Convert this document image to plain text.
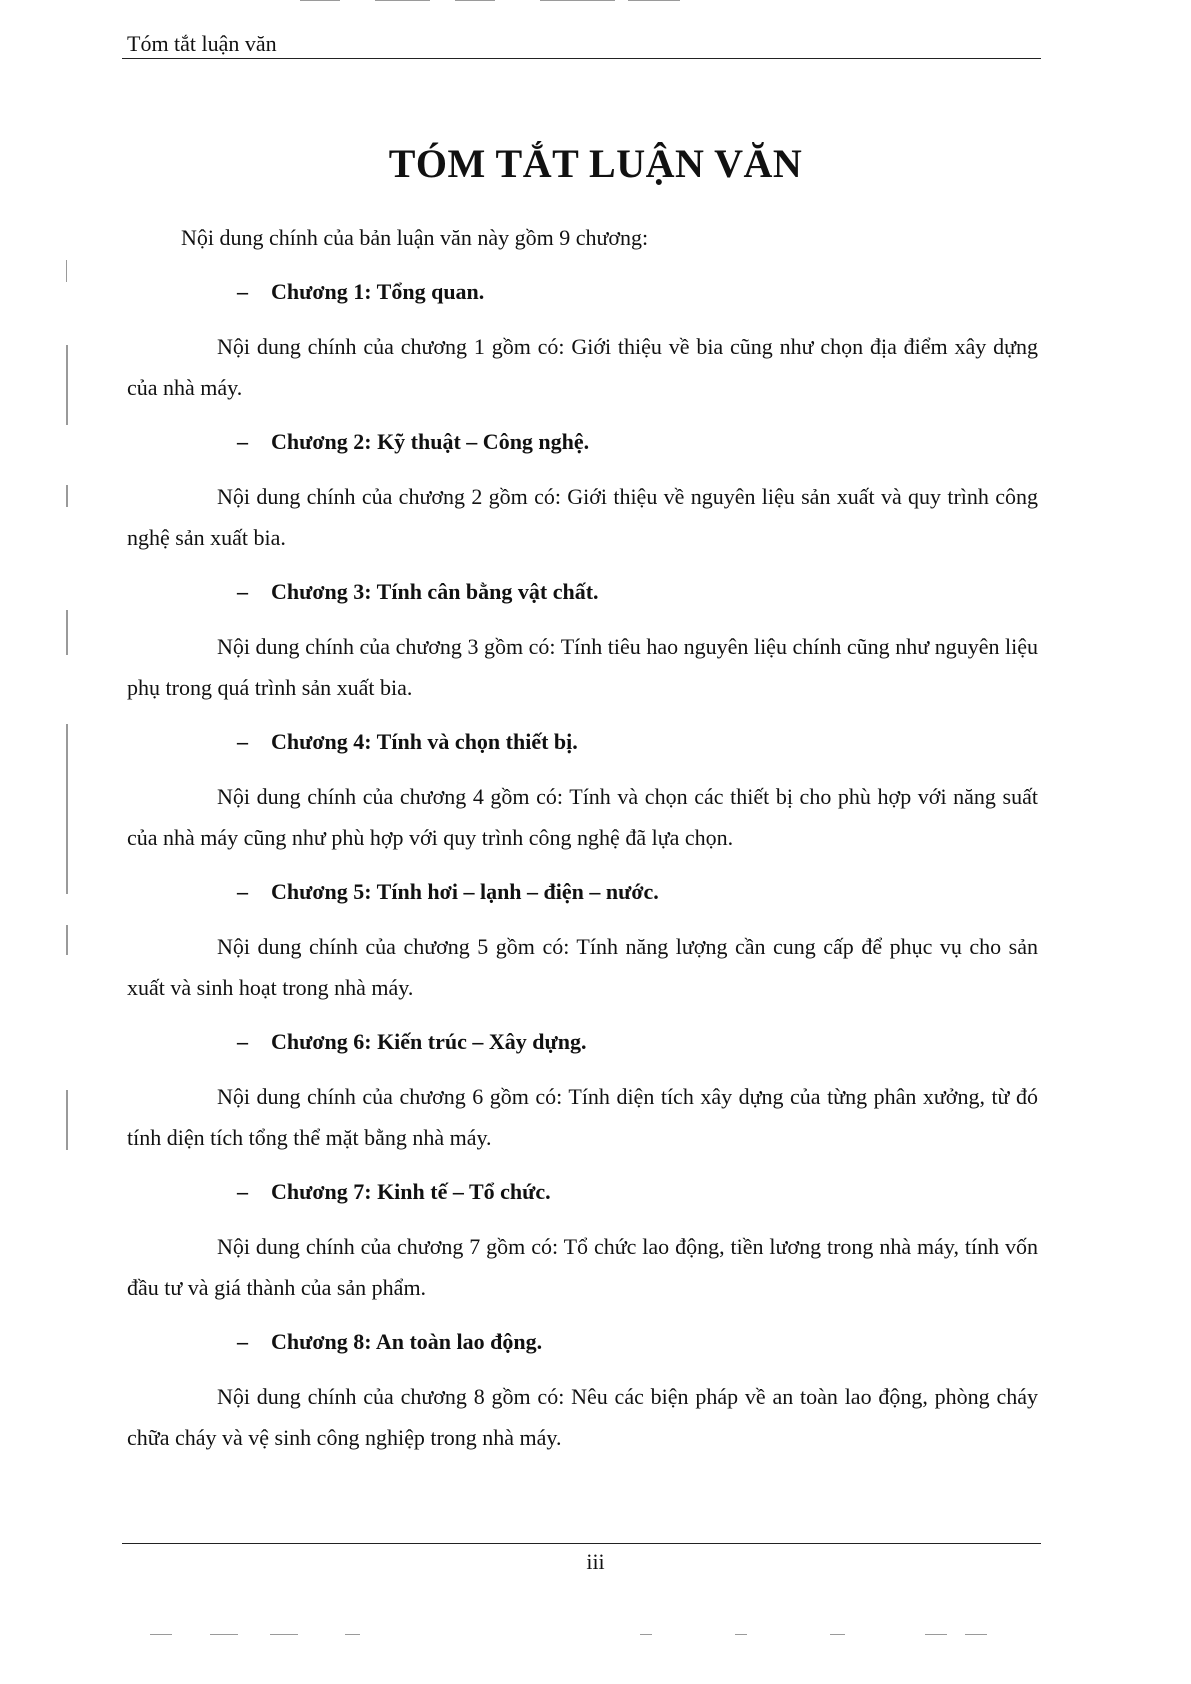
Tóm tắt luận văn
TÓM TẮT LUẬN VĂN

Nội dung chính của bản luận văn này gồm 9 chương:

– Chương 1: Tổng quan.

Nội dung chính của chương 1 gồm có: Giới thiệu về bia cũng như chọn địa điểm xây dựng của nhà máy.

– Chương 2: Kỹ thuật – Công nghệ.

Nội dung chính của chương 2 gồm có: Giới thiệu về nguyên liệu sản xuất và quy trình công nghệ sản xuất bia.

– Chương 3: Tính cân bằng vật chất.

Nội dung chính của chương 3 gồm có: Tính tiêu hao nguyên liệu chính cũng như nguyên liệu phụ trong quá trình sản xuất bia.

– Chương 4: Tính và chọn thiết bị.

Nội dung chính của chương 4 gồm có: Tính và chọn các thiết bị cho phù hợp với năng suất của nhà máy cũng như phù hợp với quy trình công nghệ đã lựa chọn.

– Chương 5: Tính hơi – lạnh – điện – nước.

Nội dung chính của chương 5 gồm có: Tính năng lượng cần cung cấp để phục vụ cho sản xuất và sinh hoạt trong nhà máy.

– Chương 6: Kiến trúc – Xây dựng.

Nội dung chính của chương 6 gồm có: Tính diện tích xây dựng của từng phân xưởng, từ đó tính diện tích tổng thể mặt bằng nhà máy.

– Chương 7: Kinh tế – Tổ chức.

Nội dung chính của chương 7 gồm có: Tổ chức lao động, tiền lương trong nhà máy, tính vốn đầu tư và giá thành của sản phẩm.

– Chương 8: An toàn lao động.

Nội dung chính của chương 8 gồm có: Nêu các biện pháp về an toàn lao động, phòng cháy chữa cháy và vệ sinh công nghiệp trong nhà máy.

iii
